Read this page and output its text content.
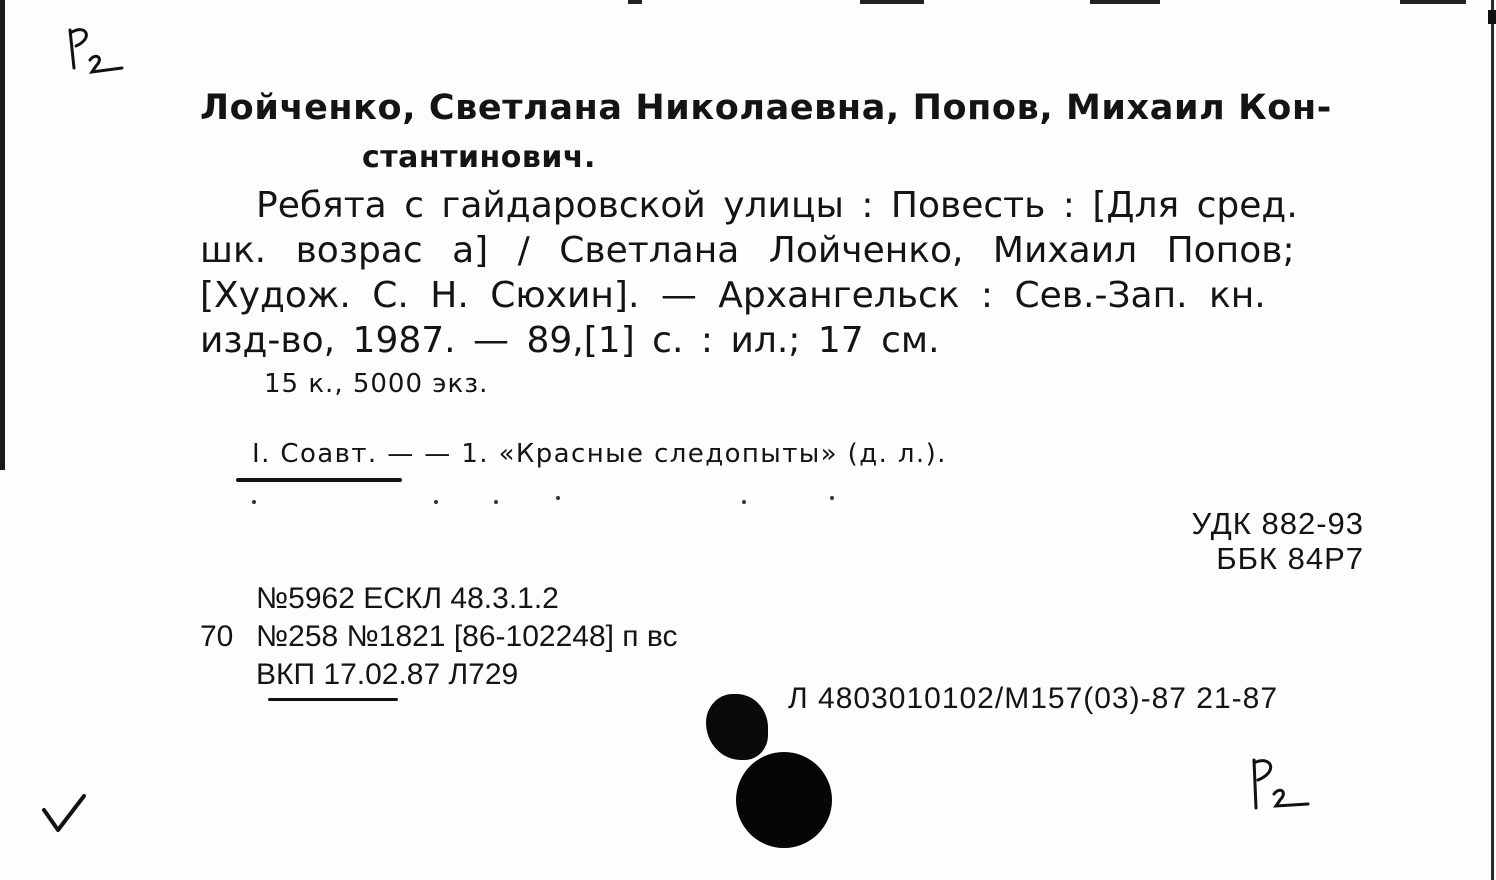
Лойченко, Светлана Николаевна, Попов, Михаил Кон-
стантинович.
Ребята с гайдаровской улицы : Повесть : [Для сред.
шк. возрас а] / Светлана Лойченко, Михаил Попов;
[Худож. С. Н. Сюхин]. — Архангельск : Сев.-Зап. кн.
изд-во, 1987. — 89,[1] с. : ил.; 17 см.
15 к., 5000 экз.
I. Соавт. — — 1. «Красные следопыты» (д. л.).
УДК 882-93
ББК 84Р7
№5962 ЕСКЛ 48.3.1.2
70 №258 №1821 [86-102248] п вс
ВКП 17.02.87 Л729
Л 4803010102/М157(03)-87 21-87
